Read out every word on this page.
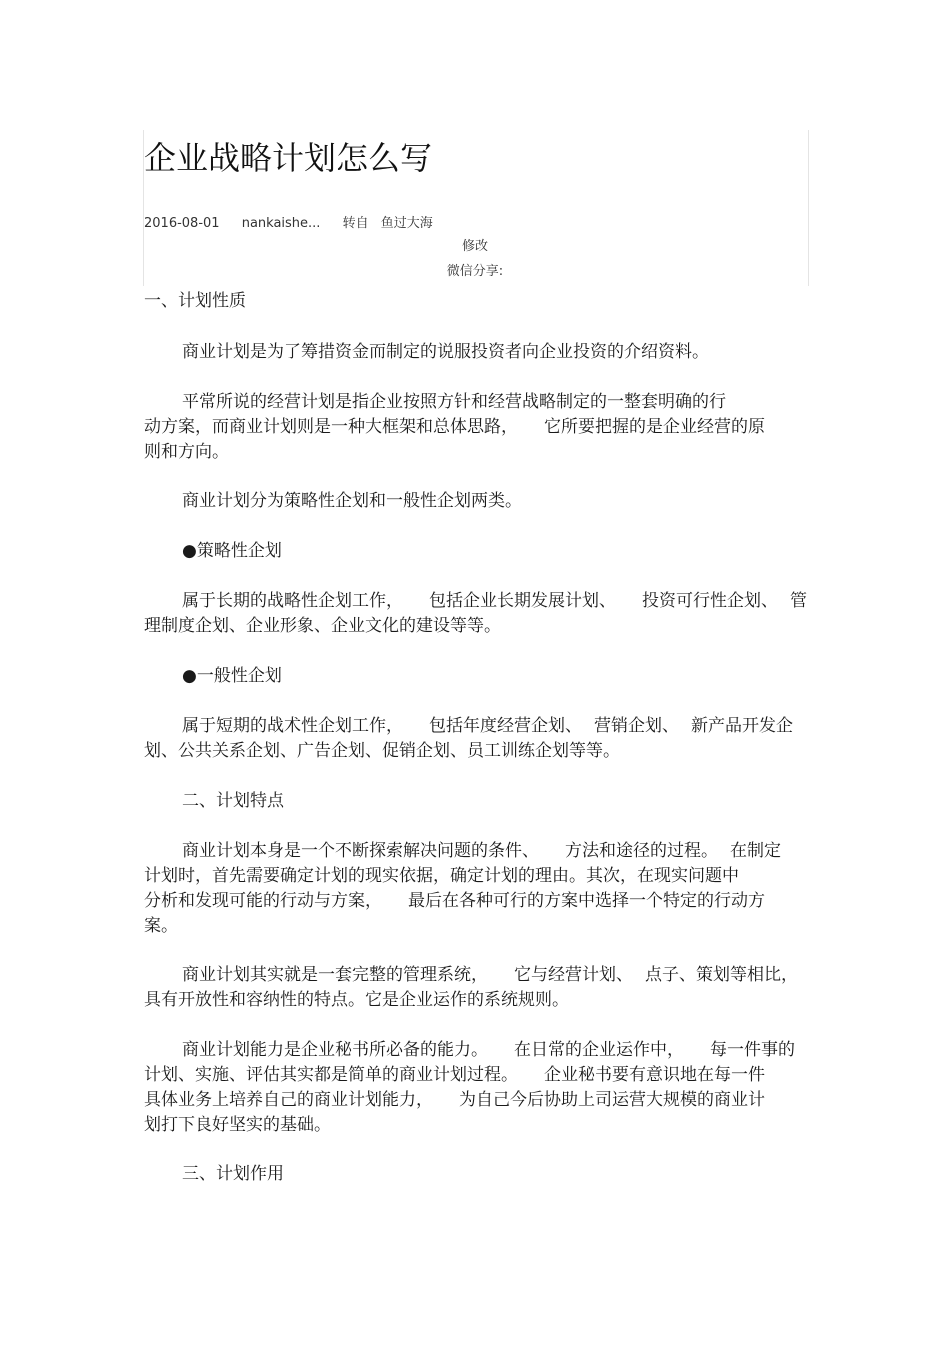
企业战略计划怎么写
2016-08-01 nankaishe... 转自 鱼过大海
修改
微信分享:
一、计划性质
商业计划是为了筹措资金而制定的说服投资者向企业投资的介绍资料。
平常所说的经营计划是指企业按照方针和经营战略制定的一整套明确的行
动方案，而商业计划则是一种大框架和总体思路， 它所要把握的是企业经营的原
则和方向。
商业计划分为策略性企划和一般性企划两类。
●策略性企划
属于长期的战略性企划工作， 包括企业长期发展计划、 投资可行性企划、 管
理制度企划、企业形象、企业文化的建设等等。
●一般性企划
属于短期的战术性企划工作， 包括年度经营企划、 营销企划、 新产品开发企
划、公共关系企划、广告企划、促销企划、员工训练企划等等。
二、计划特点
商业计划本身是一个不断探索解决问题的条件、 方法和途径的过程。 在制定
计划时，首先需要确定计划的现实依据，确定计划的理由。其次，在现实问题中
分析和发现可能的行动与方案， 最后在各种可行的方案中选择一个特定的行动方
案。
商业计划其实就是一套完整的管理系统， 它与经营计划、 点子、策划等相比，
具有开放性和容纳性的特点。它是企业运作的系统规则。
商业计划能力是企业秘书所必备的能力。 在日常的企业运作中， 每一件事的
计划、实施、评估其实都是简单的商业计划过程。 企业秘书要有意识地在每一件
具体业务上培养自己的商业计划能力， 为自己今后协助上司运营大规模的商业计
划打下良好坚实的基础。
三、计划作用
